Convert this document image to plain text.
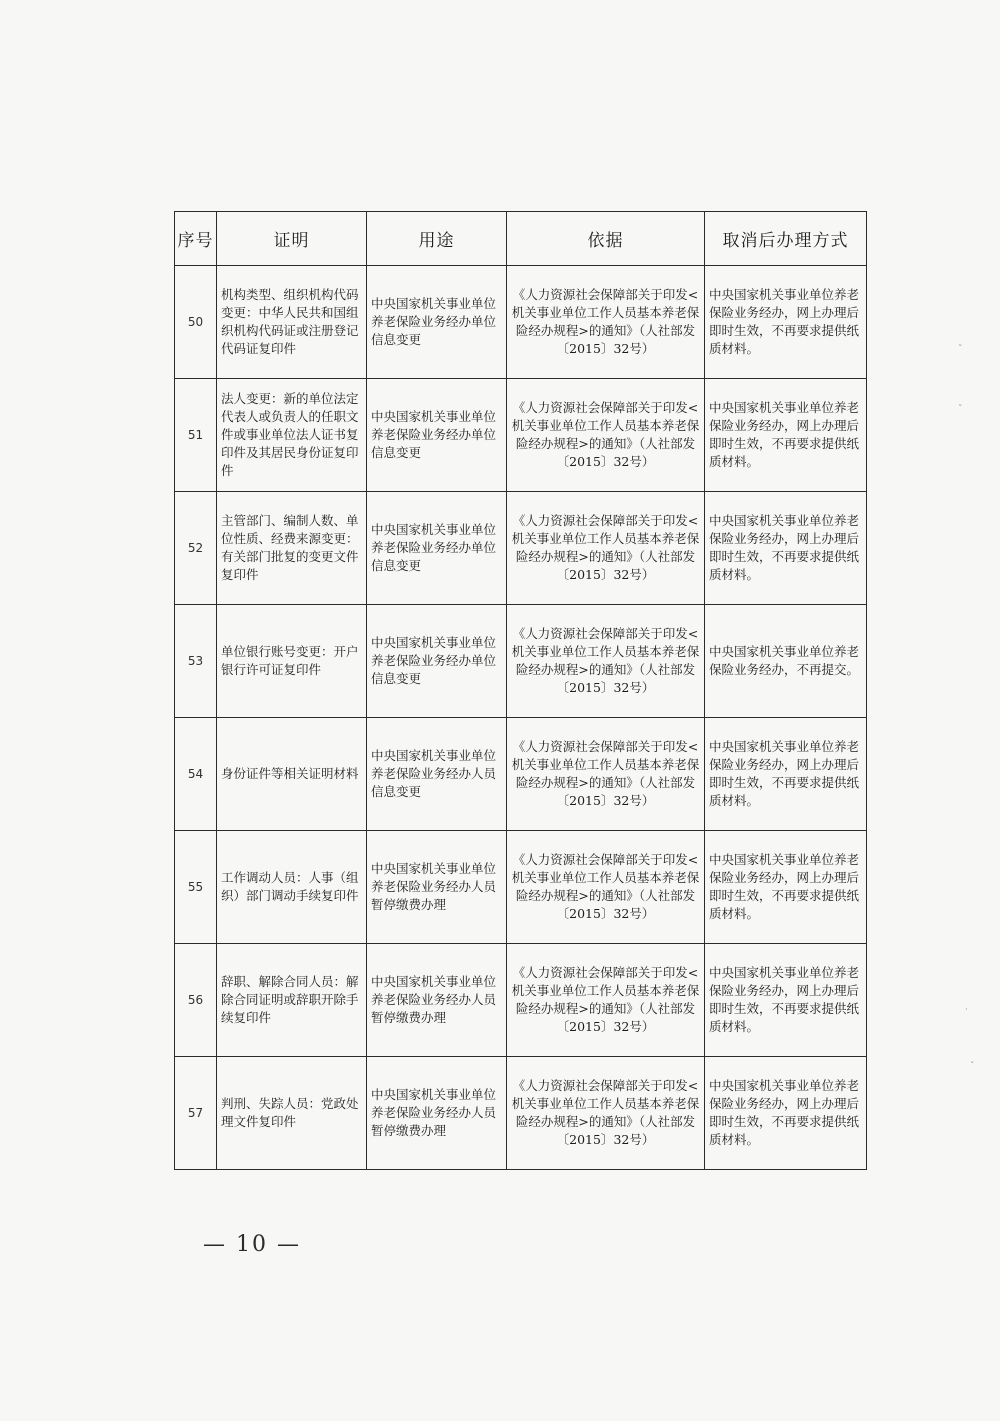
序号	证明	用途	依据	取消后办理方式
50	机构类型、组织机构代码变更：中华人民共和国组织机构代码证或注册登记代码证复印件	中央国家机关事业单位养老保险业务经办单位信息变更	《人力资源社会保障部关于印发<机关事业单位工作人员基本养老保险经办规程>的通知》（人社部发〔2015〕32号）	中央国家机关事业单位养老保险业务经办，网上办理后即时生效，不再要求提供纸质材料。
51	法人变更：新的单位法定代表人或负责人的任职文件或事业单位法人证书复印件及其居民身份证复印件	中央国家机关事业单位养老保险业务经办单位信息变更	《人力资源社会保障部关于印发<机关事业单位工作人员基本养老保险经办规程>的通知》（人社部发〔2015〕32号）	中央国家机关事业单位养老保险业务经办，网上办理后即时生效，不再要求提供纸质材料。
52	主管部门、编制人数、单位性质、经费来源变更：有关部门批复的变更文件复印件	中央国家机关事业单位养老保险业务经办单位信息变更	《人力资源社会保障部关于印发<机关事业单位工作人员基本养老保险经办规程>的通知》（人社部发〔2015〕32号）	中央国家机关事业单位养老保险业务经办，网上办理后即时生效，不再要求提供纸质材料。
53	单位银行账号变更：开户银行许可证复印件	中央国家机关事业单位养老保险业务经办单位信息变更	《人力资源社会保障部关于印发<机关事业单位工作人员基本养老保险经办规程>的通知》（人社部发〔2015〕32号）	中央国家机关事业单位养老保险业务经办，不再提交。
54	身份证件等相关证明材料	中央国家机关事业单位养老保险业务经办人员信息变更	《人力资源社会保障部关于印发<机关事业单位工作人员基本养老保险经办规程>的通知》（人社部发〔2015〕32号）	中央国家机关事业单位养老保险业务经办，网上办理后即时生效，不再要求提供纸质材料。
55	工作调动人员：人事（组织）部门调动手续复印件	中央国家机关事业单位养老保险业务经办人员暂停缴费办理	《人力资源社会保障部关于印发<机关事业单位工作人员基本养老保险经办规程>的通知》（人社部发〔2015〕32号）	中央国家机关事业单位养老保险业务经办，网上办理后即时生效，不再要求提供纸质材料。
56	辞职、解除合同人员：解除合同证明或辞职开除手续复印件	中央国家机关事业单位养老保险业务经办人员暂停缴费办理	《人力资源社会保障部关于印发<机关事业单位工作人员基本养老保险经办规程>的通知》（人社部发〔2015〕32号）	中央国家机关事业单位养老保险业务经办，网上办理后即时生效，不再要求提供纸质材料。
57	判刑、失踪人员：党政处理文件复印件	中央国家机关事业单位养老保险业务经办人员暂停缴费办理	《人力资源社会保障部关于印发<机关事业单位工作人员基本养老保险经办规程>的通知》（人社部发〔2015〕32号）	中央国家机关事业单位养老保险业务经办，网上办理后即时生效，不再要求提供纸质材料。
— 10 —
ˇ
ˇ
·
ˇ
